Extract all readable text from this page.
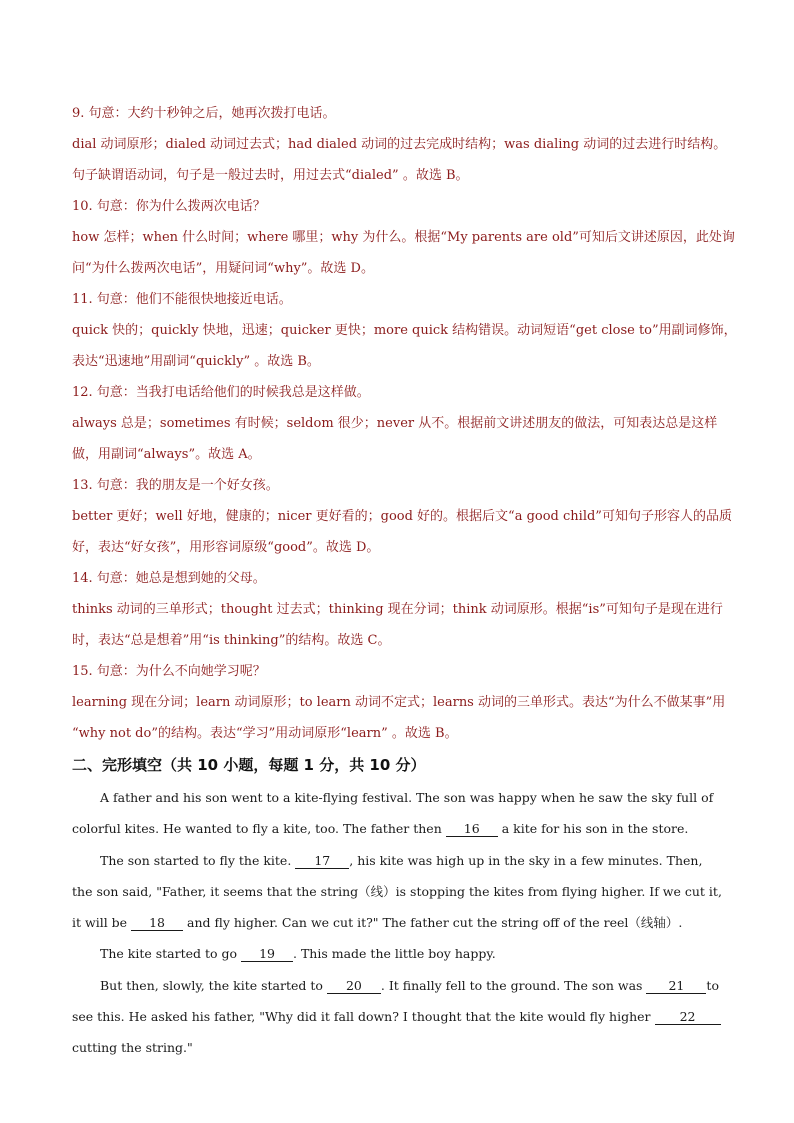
9. 句意：大约十秒钟之后，她再次拨打电话。

dial 动词原形；dialed 动词过去式；had dialed 动词的过去完成时结构；was dialing 动词的过去进行时结构。

句子缺谓语动词，句子是一般过去时，用过去式“dialed” 。故选 B。

10. 句意：你为什么拨两次电话？

how 怎样；when 什么时间；where 哪里；why 为什么。根据“My parents are old”可知后文讲述原因，此处询

问“为什么拨两次电话”，用疑问词“why”。故选 D。

11. 句意：他们不能很快地接近电话。

quick 快的；quickly 快地，迅速；quicker 更快；more quick 结构错误。动词短语“get close to”用副词修饰，

表达“迅速地”用副词“quickly” 。故选 B。

12. 句意：当我打电话给他们的时候我总是这样做。

always 总是；sometimes 有时候；seldom 很少；never 从不。根据前文讲述朋友的做法，可知表达总是这样

做，用副词“always”。故选 A。

13. 句意：我的朋友是一个好女孩。

better 更好；well 好地，健康的；nicer 更好看的；good 好的。根据后文“a good child”可知句子形容人的品质

好，表达“好女孩”，用形容词原级“good”。故选 D。

14. 句意：她总是想到她的父母。

thinks 动词的三单形式；thought 过去式；thinking 现在分词；think 动词原形。根据“is”可知句子是现在进行

时，表达“总是想着”用“is thinking”的结构。故选 C。

15. 句意：为什么不向她学习呢？

learning 现在分词；learn 动词原形；to learn 动词不定式；learns 动词的三单形式。表达“为什么不做某事”用

“why not do”的结构。表达“学习”用动词原形“learn” 。故选 B。

二、完形填空（共 10 小题，每题 1 分，共 10 分）

A father and his son went to a kite-flying festival. The son was happy when he saw the sky full of colorful kites. He wanted to fly a kite, too. The father then 16 a kite for his son in the store.

The son started to fly the kite. 17 , his kite was high up in the sky in a few minutes. Then, the son said, "Father, it seems that the string（线）is stopping the kites from flying higher. If we cut it, it will be 18 and fly higher. Can we cut it?" The father cut the string off of the reel（线轴）.

The kite started to go 19 . This made the little boy happy.

But then, slowly, the kite started to 20 . It finally fell to the ground. The son was 21 to see this. He asked his father, "Why did it fall down? I thought that the kite would fly higher 22cutting the string."
